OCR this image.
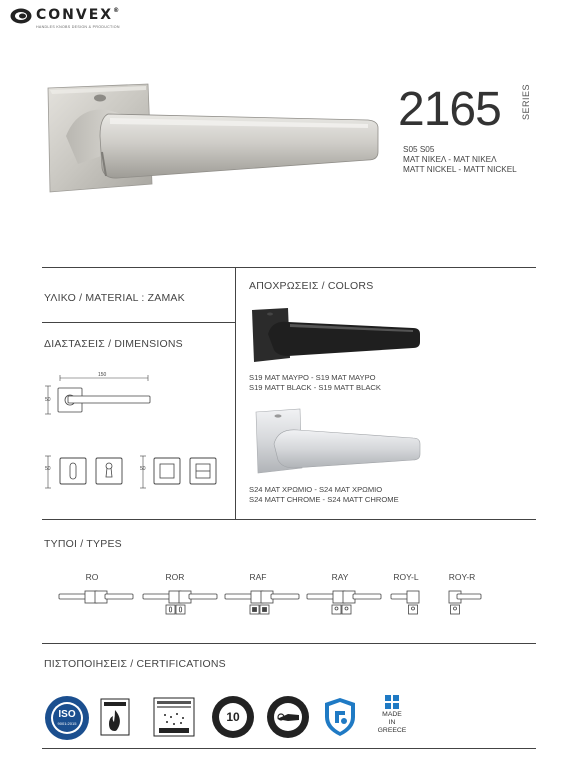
CONVEX®
HANDLES KNOBS DESIGN & PRODUCTION
2165 SERIES
S05 S05
ΜΑΤ ΝΙΚΕΛ - ΜΑΤ ΝΙΚΕΛ
MATT NICKEL - MATT NICKEL
ΥΛΙΚΟ / MATERIAL : ZAMAK
ΔΙΑΣΤΑΣΕΙΣ / DIMENSIONS
150
50
50	50
ΑΠΟΧΡΩΣΕΙΣ / COLORS
S19 ΜΑΤ ΜΑΥΡΟ - S19 ΜΑΤ ΜΑΥΡΟ
S19 MATT BLACK - S19 MATT BLACK
S24 ΜΑΤ ΧΡΩΜΙΟ - S24 ΜΑΤ ΧΡΩΜΙΟ
S24 MATT CHROME - S24 MATT CHROME
ΤΥΠΟΙ / TYPES
RO	ROR	RAF	RAY	ROY-L	ROY-R
ΠΙΣΤΟΠΟΙΗΣΕΙΣ / CERTIFICATIONS
ISO
9001:2015	10	MADE
IN
GREECE
